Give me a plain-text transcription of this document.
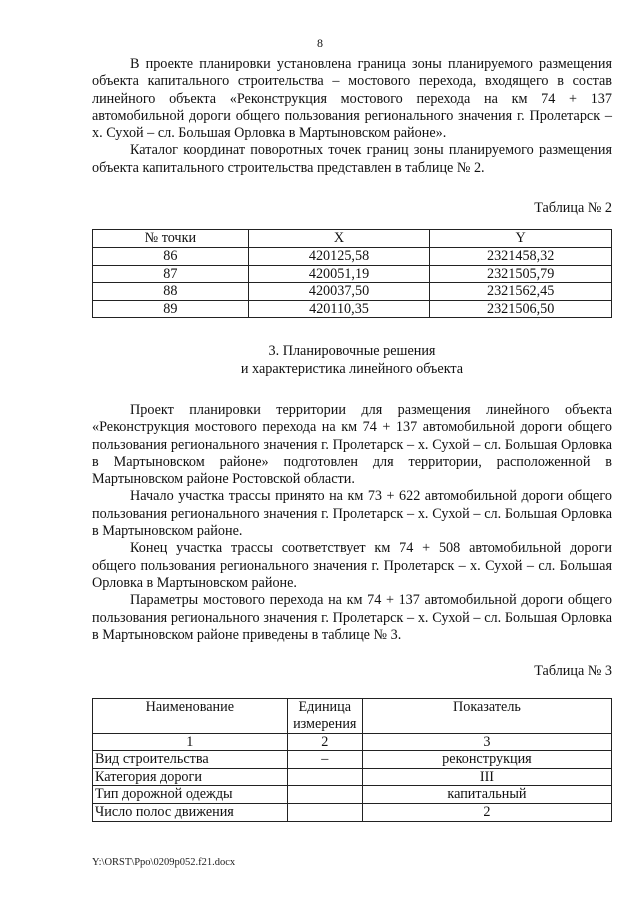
8

В проекте планировки установлена граница зоны планируемого размещения объекта капитального строительства – мостового перехода, входящего в состав линейного объекта «Реконструкция мостового перехода на км 74 + 137 автомобильной дороги общего пользования регионального значения г. Пролетарск – х. Сухой – сл. Большая Орловка в Мартыновском районе».

Каталог координат поворотных точек границ зоны планируемого размещения объекта капитального строительства представлен в таблице № 2.

Таблица № 2

№ точки	X	Y
86	420125,58	2321458,32
87	420051,19	2321505,79
88	420037,50	2321562,45
89	420110,35	2321506,50
3. Планировочные решения
и характеристика линейного объекта

Проект планировки территории для размещения линейного объекта «Реконструкция мостового перехода на км 74 + 137 автомобильной дороги общего пользования регионального значения г. Пролетарск – х. Сухой – сл. Большая Орловка в Мартыновском районе» подготовлен для территории, расположенной в Мартыновском районе Ростовской области.

Начало участка трассы принято на км 73 + 622 автомобильной дороги общего пользования регионального значения г. Пролетарск – х. Сухой – сл. Большая Орловка в Мартыновском районе.

Конец участка трассы соответствует км 74 + 508 автомобильной дороги общего пользования регионального значения г. Пролетарск – х. Сухой – сл. Большая Орловка в Мартыновском районе.

Параметры мостового перехода на км 74 + 137 автомобильной дороги общего пользования регионального значения г. Пролетарск – х. Сухой – сл. Большая Орловка в Мартыновском районе приведены в таблице № 3.

Таблица № 3

Наименование	Единица измерения	Показатель
1	2	3
Вид строительства	–	реконструкция
Категория дороги		III
Тип дорожной одежды		капитальный
Число полос движения		2
Y:\ORST\Ppo\0209p052.f21.docx
